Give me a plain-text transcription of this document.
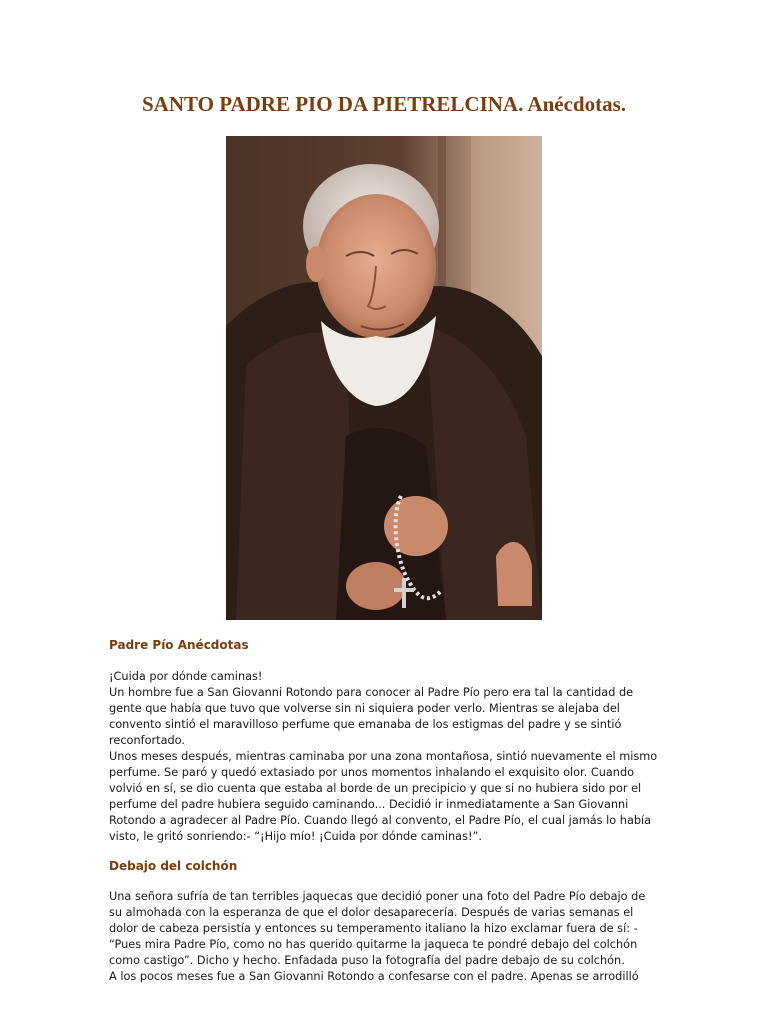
SANTO PADRE PIO DA PIETRELCINA. Anécdotas.
Padre Pío Anécdotas

¡Cuida por dónde caminas!
Un hombre fue a San Giovanni Rotondo para conocer al Padre Pío pero era tal la cantidad de
gente que había que tuvo que volverse sin ni siquiera poder verlo. Mientras se alejaba del
convento sintió el maravilloso perfume que emanaba de los estigmas del padre y se sintió
reconfortado.
Unos meses después, mientras caminaba por una zona montañosa, sintió nuevamente el mismo
perfume. Se paró y quedó extasiado por unos momentos inhalando el exquisito olor. Cuando
volvió en sí, se dio cuenta que estaba al borde de un precipicio y que si no hubiera sido por el
perfume del padre hubiera seguido caminando... Decidió ir inmediatamente a San Giovanni
Rotondo a agradecer al Padre Pío. Cuando llegó al convento, el Padre Pío, el cual jamás lo había
visto, le gritó sonriendo:- “¡Hijo mío! ¡Cuida por dónde caminas!”.

Debajo del colchón

Una señora sufría de tan terribles jaquecas que decidió poner una foto del Padre Pío debajo de
su almohada con la esperanza de que el dolor desaparecería. Después de varias semanas el
dolor de cabeza persistía y entonces su temperamento italiano la hizo exclamar fuera de sí: -
“Pues mira Padre Pío, como no has querido quitarme la jaqueca te pondré debajo del colchón
como castigo”. Dicho y hecho. Enfadada puso la fotografía del padre debajo de su colchón.
A los pocos meses fue a San Giovanni Rotondo a confesarse con el padre. Apenas se arrodilló
